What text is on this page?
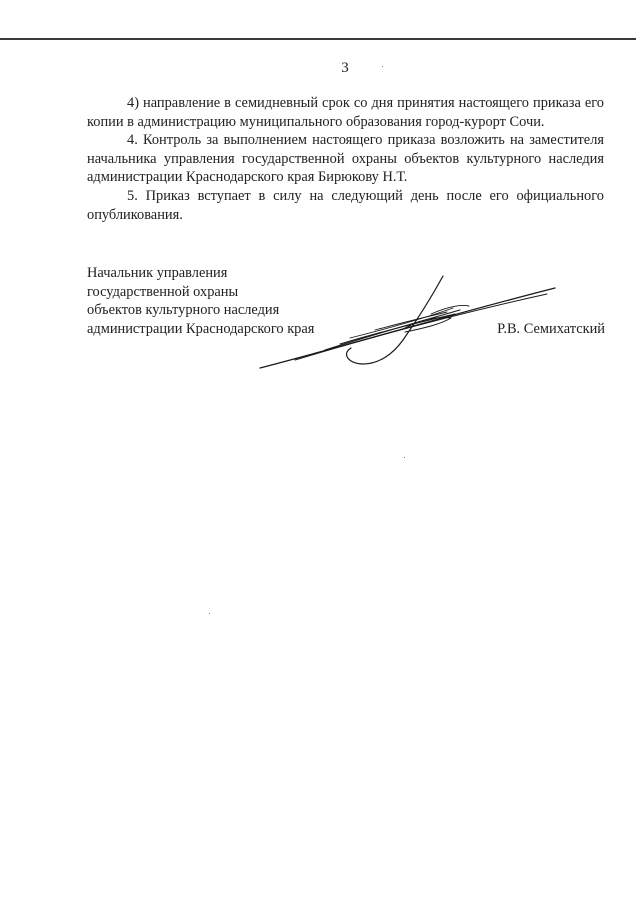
3

4) направление в семидневный срок со дня принятия настоящего приказа его копии в администрацию муниципального образования город-курорт Сочи.

4. Контроль за выполнением настоящего приказа возложить на заместителя начальника управления государственной охраны объектов культурного наследия администрации Краснодарского края Бирюкову Н.Т.

5. Приказ вступает в силу на следующий день после его официального опубликования.

Начальник управления
государственной охраны
объектов культурного наследия
администрации Краснодарского края	Р.В. Семихатский
